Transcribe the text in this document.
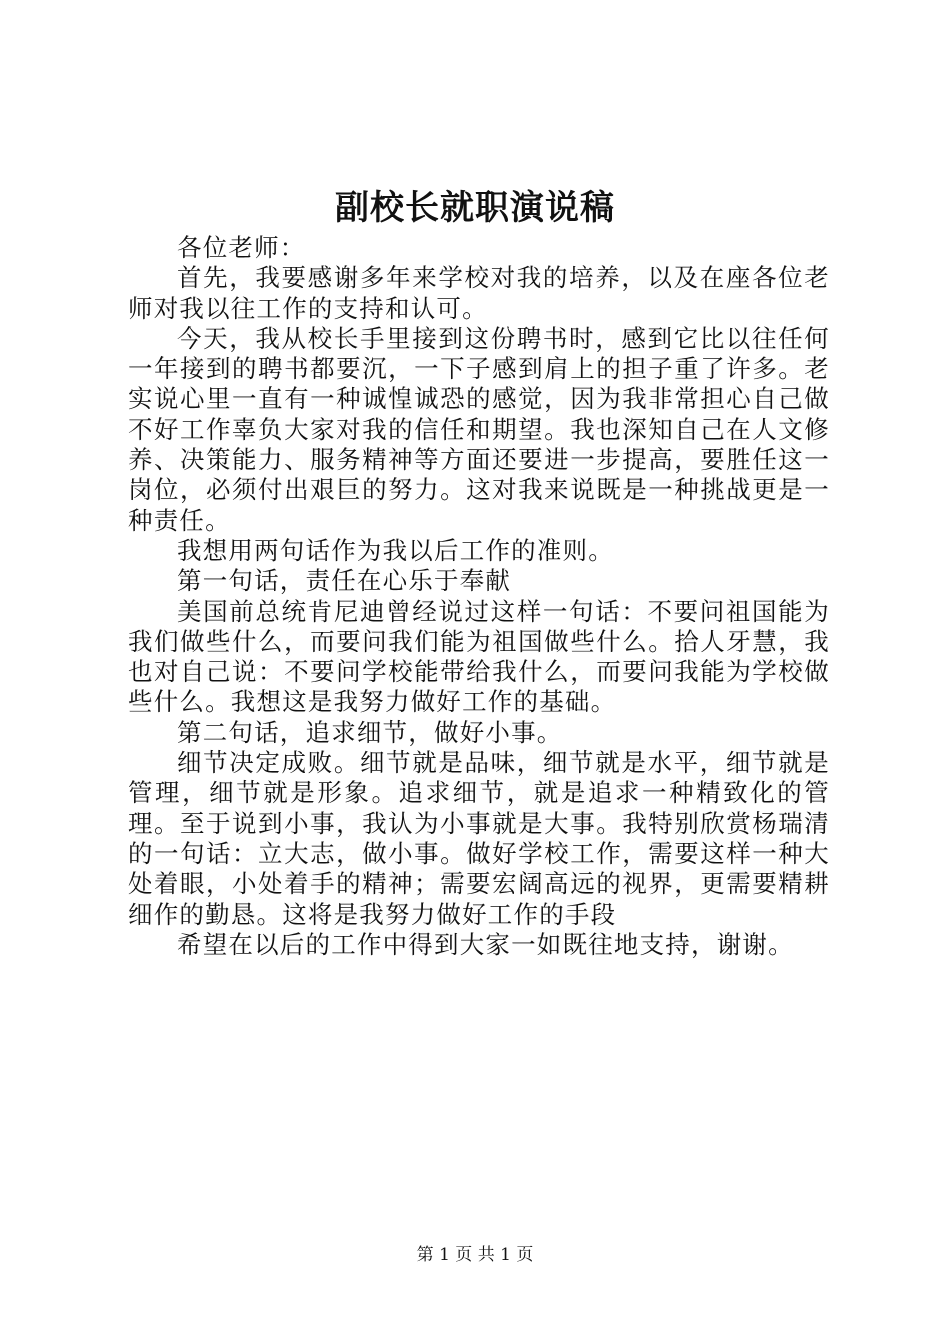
副校长就职演说稿

各位老师：

首先，我要感谢多年来学校对我的培养，以及在座各位老师对我以往工作的支持和认可。

今天，我从校长手里接到这份聘书时，感到它比以往任何一年接到的聘书都要沉，一下子感到肩上的担子重了许多。老实说心里一直有一种诚惶诚恐的感觉，因为我非常担心自己做不好工作辜负大家对我的信任和期望。我也深知自己在人文修养、决策能力、服务精神等方面还要进一步提高，要胜任这一岗位，必须付出艰巨的努力。这对我来说既是一种挑战更是一种责任。

我想用两句话作为我以后工作的准则。

第一句话，责任在心乐于奉献

美国前总统肯尼迪曾经说过这样一句话：不要问祖国能为我们做些什么，而要问我们能为祖国做些什么。拾人牙慧，我也对自己说：不要问学校能带给我什么，而要问我能为学校做些什么。我想这是我努力做好工作的基础。

第二句话，追求细节，做好小事。

细节决定成败。细节就是品味，细节就是水平，细节就是管理，细节就是形象。追求细节，就是追求一种精致化的管理。至于说到小事，我认为小事就是大事。我特别欣赏杨瑞清的一句话：立大志，做小事。做好学校工作，需要这样一种大处着眼，小处着手的精神；需要宏阔高远的视界，更需要精耕细作的勤恳。这将是我努力做好工作的手段

希望在以后的工作中得到大家一如既往地支持，谢谢。

第 1 页 共 1 页
